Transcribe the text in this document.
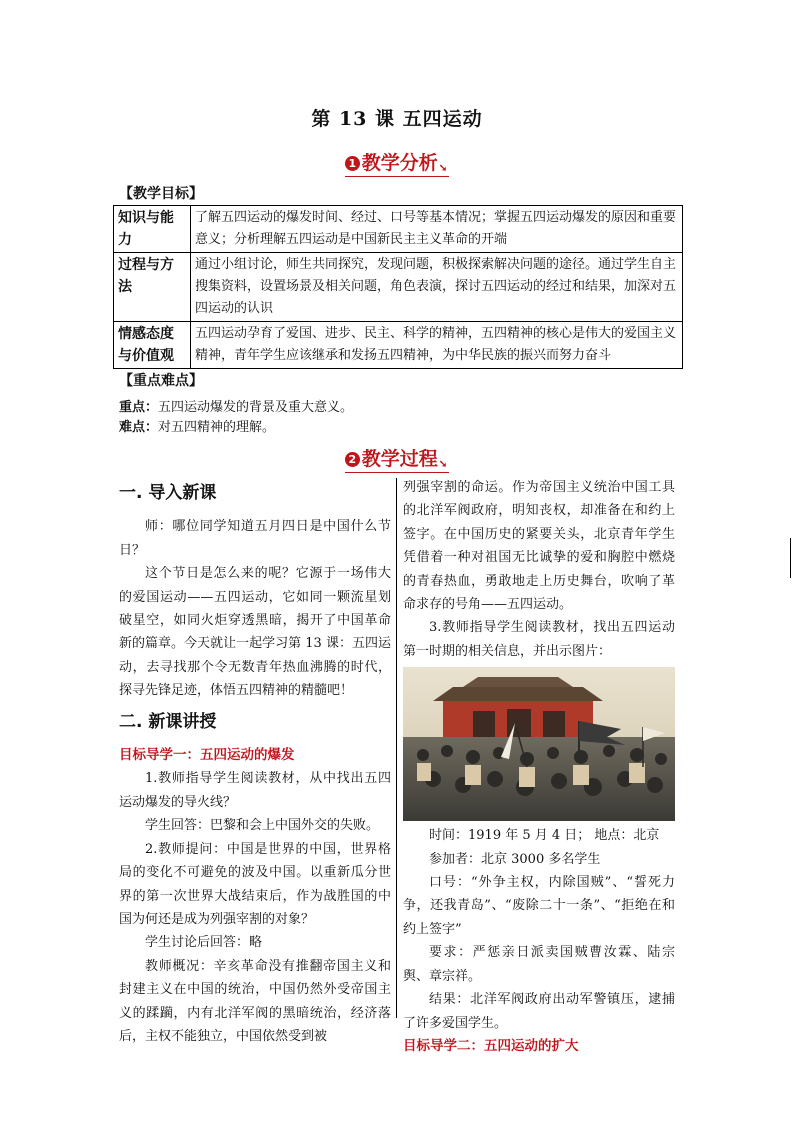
第 13 课 五四运动
1 教学分析➘
【教学目标】
知识与能力	了解五四运动的爆发时间、经过、口号等基本情况；掌握五四运动爆发的原因和重要意义；分析理解五四运动是中国新民主主义革命的开端
过程与方法	通过小组讨论，师生共同探究，发现问题，积极探索解决问题的途径。通过学生自主搜集资料，设置场景及相关问题，角色表演，探讨五四运动的经过和结果，加深对五四运动的认识
情感态度与价值观	五四运动孕育了爱国、进步、民主、科学的精神，五四精神的核心是伟大的爱国主义精神，青年学生应该继承和发扬五四精神，为中华民族的振兴而努力奋斗
【重点难点】
重点：五四运动爆发的背景及重大意义。
难点：对五四精神的理解。
2 教学过程➘
一. 导入新课

师：哪位同学知道五月四日是中国什么节日？

这个节日是怎么来的呢？它源于一场伟大的爱国运动——五四运动，它如同一颗流星划破星空，如同火炬穿透黑暗，揭开了中国革命新的篇章。今天就让一起学习第 13 课：五四运动，去寻找那个令无数青年热血沸腾的时代，探寻先锋足迹，体悟五四精神的精髓吧！

二. 新课讲授

目标导学一：五四运动的爆发

1.教师指导学生阅读教材，从中找出五四运动爆发的导火线？

学生回答：巴黎和会上中国外交的失败。

2.教师提问：中国是世界的中国，世界格局的变化不可避免的波及中国。以重新瓜分世界的第一次世界大战结束后，作为战胜国的中国为何还是成为列强宰割的对象？

学生讨论后回答：略

教师概况：辛亥革命没有推翻帝国主义和封建主义在中国的统治，中国仍然外受帝国主义的蹂躏，内有北洋军阀的黑暗统治，经济落后，主权不能独立，中国依然受到被

列强宰割的命运。作为帝国主义统治中国工具的北洋军阀政府，明知丧权，却准备在和约上签字。在中国历史的紧要关头，北京青年学生凭借着一种对祖国无比诚挚的爱和胸腔中燃烧的青春热血，勇敢地走上历史舞台，吹响了革命求存的号角——五四运动。

3.教师指导学生阅读教材，找出五四运动第一时期的相关信息，并出示图片：

时间：1919 年 5 月 4 日； 地点：北京

参加者：北京 3000 多名学生

口号：“外争主权，内除国贼”、“誓死力争，还我青岛”、“废除二十一条”、“拒绝在和约上签字”

要求：严惩亲日派卖国贼曹汝霖、陆宗舆、章宗祥。

结果：北洋军阀政府出动军警镇压，逮捕了许多爱国学生。

目标导学二：五四运动的扩大
